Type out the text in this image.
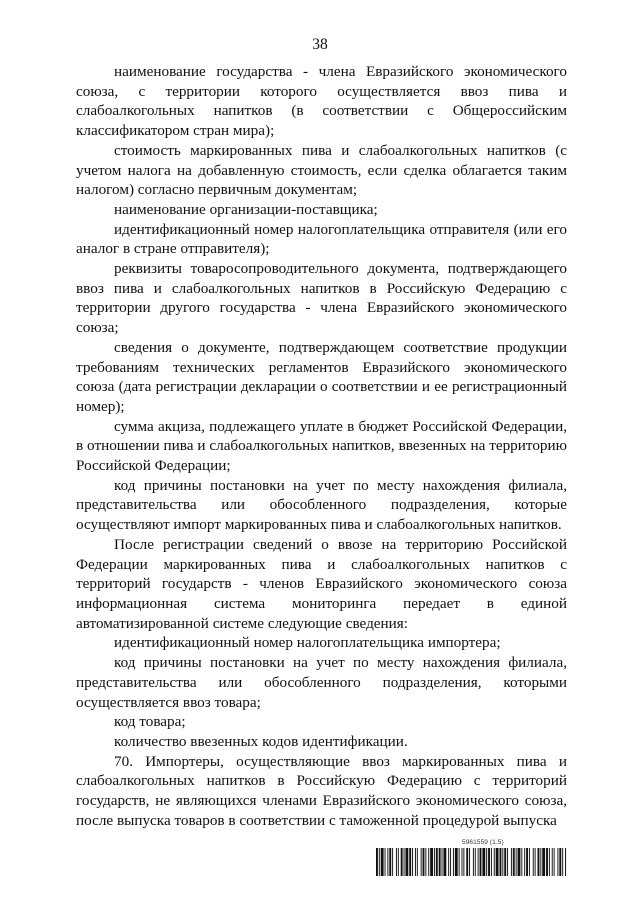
38

наименование государства - члена Евразийского экономического союза, с территории которого осуществляется ввоз пива и слабоалкогольных напитков (в соответствии с Общероссийским классификатором стран мира);

стоимость маркированных пива и слабоалкогольных напитков (с учетом налога на добавленную стоимость, если сделка облагается таким налогом) согласно первичным документам;

наименование организации-поставщика;

идентификационный номер налогоплательщика отправителя (или его аналог в стране отправителя);

реквизиты товаросопроводительного документа, подтверждающего ввоз пива и слабоалкогольных напитков в Российскую Федерацию с территории другого государства - члена Евразийского экономического союза;

сведения о документе, подтверждающем соответствие продукции требованиям технических регламентов Евразийского экономического союза (дата регистрации декларации о соответствии и ее регистрационный номер);

сумма акциза, подлежащего уплате в бюджет Российской Федерации, в отношении пива и слабоалкогольных напитков, ввезенных на территорию Российской Федерации;

код причины постановки на учет по месту нахождения филиала, представительства или обособленного подразделения, которые осуществляют импорт маркированных пива и слабоалкогольных напитков.

После регистрации сведений о ввозе на территорию Российской Федерации маркированных пива и слабоалкогольных напитков с территорий государств - членов Евразийского экономического союза информационная система мониторинга передает в единой автоматизированной системе следующие сведения:

идентификационный номер налогоплательщика импортера;

код причины постановки на учет по месту нахождения филиала, представительства или обособленного подразделения, которыми осуществляется ввоз товара;

код товара;

количество ввезенных кодов идентификации.

70. Импортеры, осуществляющие ввоз маркированных пива и слабоалкогольных напитков в Российскую Федерацию с территорий государств, не являющихся членами Евразийского экономического союза, после выпуска товаров в соответствии с таможенной процедурой выпуска

5961559 (1.5)
